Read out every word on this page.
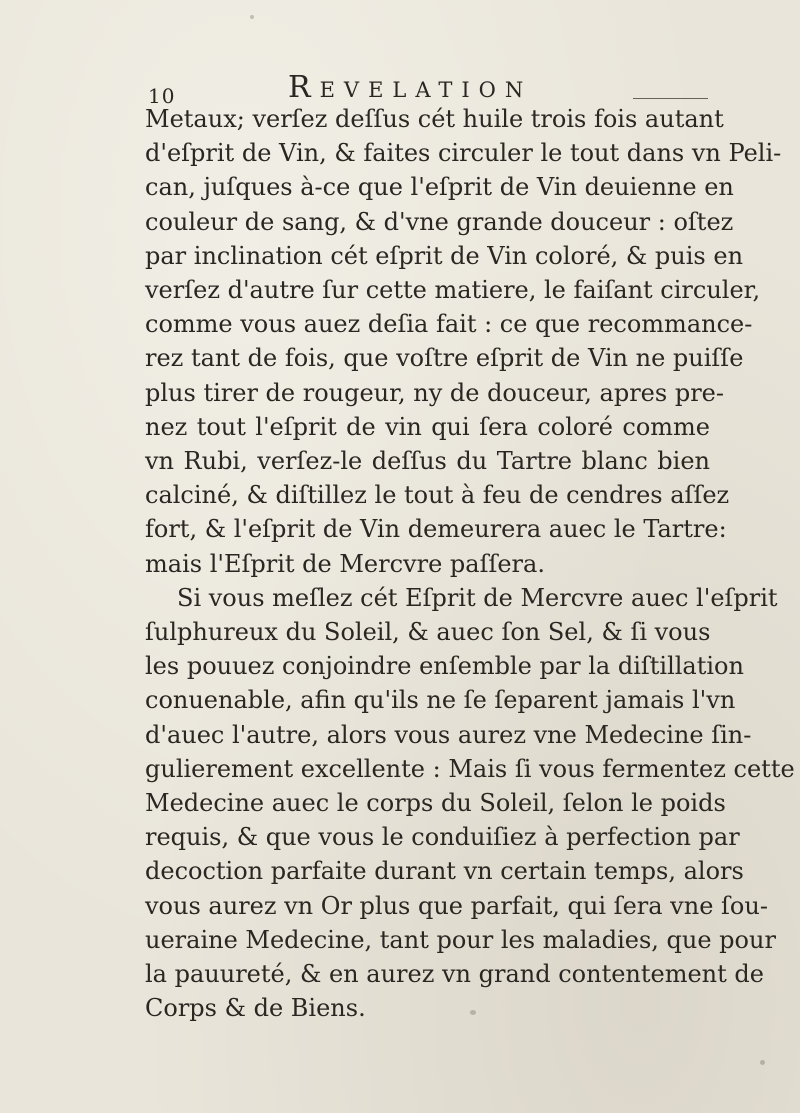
10	Revelation
Metaux; verſez deſſus cét huile trois fois autant
d'eſprit de Vin, & faites circuler le tout dans vn Peli-
can, juſques à-ce que l'eſprit de Vin deuienne en
couleur de sang, & d'vne grande douceur : oſtez
par inclination cét eſprit de Vin coloré, & puis en
verſez d'autre ſur cette matiere, le faiſant circuler,
comme vous auez deſia fait : ce que recommance-
rez tant de fois, que voſtre eſprit de Vin ne puiſſe
plus tirer de rougeur, ny de douceur, apres pre-
nez tout l'eſprit de vin qui ſera coloré comme
vn Rubi, verſez-le deſſus du Tartre blanc bien
calciné, & diſtillez le tout à feu de cendres aſſez
fort, & l'eſprit de Vin demeurera auec le Tartre:
mais l'Eſprit de Mercvre paſſera.
Si vous meſlez cét Eſprit de Mercvre auec l'eſprit
ſulphureux du Soleil, & auec ſon Sel, & ſi vous
les pouuez conjoindre enſemble par la diſtillation
conuenable, afin qu'ils ne ſe ſeparent jamais l'vn
d'auec l'autre, alors vous aurez vne Medecine ſin-
gulierement excellente : Mais ſi vous fermentez cette
Medecine auec le corps du Soleil, ſelon le poids
requis, & que vous le conduiſiez à perfection par
decoction parfaite durant vn certain temps, alors
vous aurez vn Or plus que parfait, qui ſera vne ſou-
ueraine Medecine, tant pour les maladies, que pour
la pauureté, & en aurez vn grand contentement de
Corps & de Biens.
